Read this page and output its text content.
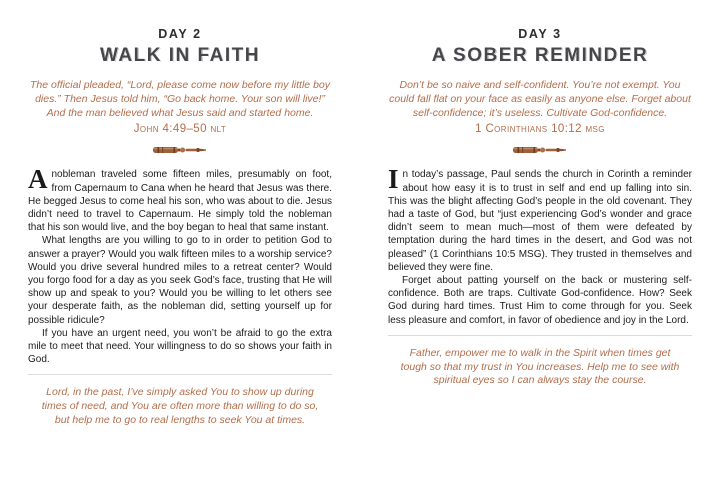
DAY 2
WALK IN FAITH

The official pleaded, “Lord, please come now before my little boy dies.” Then Jesus told him, “Go back home. Your son will live!” And the man believed what Jesus said and started home.

John 4:49–50 nlt

Anobleman traveled some fifteen miles, presumably on foot, from Capernaum to Cana when he heard that Jesus was there. He begged Jesus to come heal his son, who was about to die. Jesus didn’t need to travel to Capernaum. He simply told the nobleman that his son would live, and the boy began to heal that same instant.

What lengths are you willing to go to in order to petition God to answer a prayer? Would you walk fifteen miles to a worship service? Would you drive several hundred miles to a retreat center? Would you forgo food for a day as you seek God’s face, trusting that He will show up and speak to you? Would you be willing to let others see your desperate faith, as the nobleman did, setting yourself up for possible ridicule?

If you have an urgent need, you won’t be afraid to go the extra mile to meet that need. Your willingness to do so shows your faith in God.

Lord, in the past, I’ve simply asked You to show up during times of need, and You are often more than willing to do so, but help me to go to real lengths to seek You at times.

DAY 3
A SOBER REMINDER

Don’t be so naive and self-confident. You’re not exempt. You could fall flat on your face as easily as anyone else. Forget about self-confidence; it’s useless. Cultivate God-confidence.

1 Corinthians 10:12 msg

In today’s passage, Paul sends the church in Corinth a reminder about how easy it is to trust in self and end up falling into sin. This was the blight affecting God’s people in the old covenant. They had a taste of God, but “just experiencing God’s wonder and grace didn’t seem to mean much—most of them were defeated by temptation during the hard times in the desert, and God was not pleased” (1 Corinthians 10:5 MSG). They trusted in themselves and believed they were fine.

Forget about patting yourself on the back or mustering self-confidence. Both are traps. Cultivate God-confidence. How? Seek God during hard times. Trust Him to come through for you. Seek less pleasure and comfort, in favor of obedience and joy in the Lord.

Father, empower me to walk in the Spirit when times get tough so that my trust in You increases. Help me to see with spiritual eyes so I can always stay the course.
